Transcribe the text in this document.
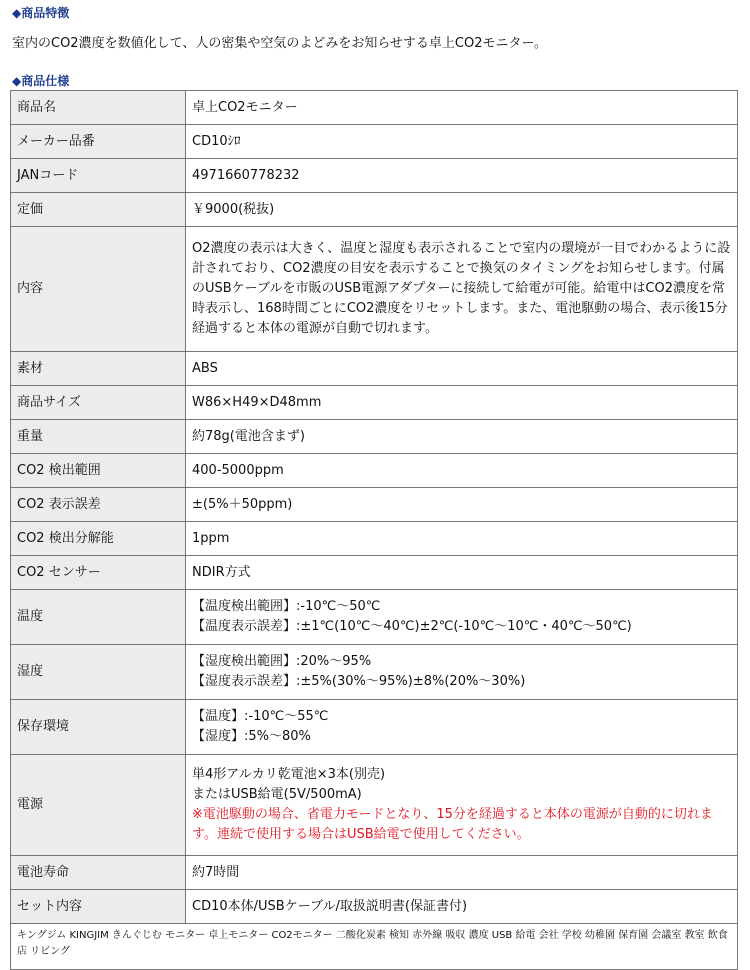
◆商品特徴
室内のCO2濃度を数値化して、人の密集や空気のよどみをお知らせする卓上CO2モニター。
◆商品仕様
商品名	卓上CO2モニター

メーカー品番	CD10ｼﾛ

JANコード	4971660778232

定価	￥9000(税抜)

内容	O2濃度の表示は大きく、温度と湿度も表示されることで室内の環境が一目でわかるように設計されており、CO2濃度の目安を表示することで換気のタイミングをお知らせします。付属のUSBケーブルを市販のUSB電源アダプターに接続して給電が可能。給電中はCO2濃度を常時表示し、168時間ごとにCO2濃度をリセットします。また、電池駆動の場合、表示後15分経過すると本体の電源が自動で切れます。

素材	ABS

商品サイズ	W86×H49×D48mm

重量	約78g(電池含まず)

CO2 検出範囲	400-5000ppm

CO2 表示誤差	±(5%＋50ppm)

CO2 検出分解能	1ppm

CO2 センサー	NDIR方式

温度	【温度検出範囲】:-10℃～50℃
【温度表示誤差】:±1℃(10℃～40℃)±2℃(-10℃～10℃・40℃～50℃)

湿度	【湿度検出範囲】:20%～95%
【湿度表示誤差】:±5%(30%～95%)±8%(20%～30%)

保存環境	【温度】:-10℃～55℃
【湿度】:5%～80%

電源	単4形アルカリ乾電池×3本(別売)
またはUSB給電(5V/500mA)
※電池駆動の場合、省電力モードとなり、15分を経過すると本体の電源が自動的に切れます。連続で使用する場合はUSB給電で使用してください。

電池寿命	約7時間

セット内容	CD10本体/USBケーブル/取扱説明書(保証書付)

キングジム KINGJIM きんぐじむ モニター 卓上モニター CO2モニター 二酸化炭素 検知 赤外線 吸収 濃度 USB 給電 会社 学校 幼稚園 保育園 会議室 教室 飲食店 リビング	
